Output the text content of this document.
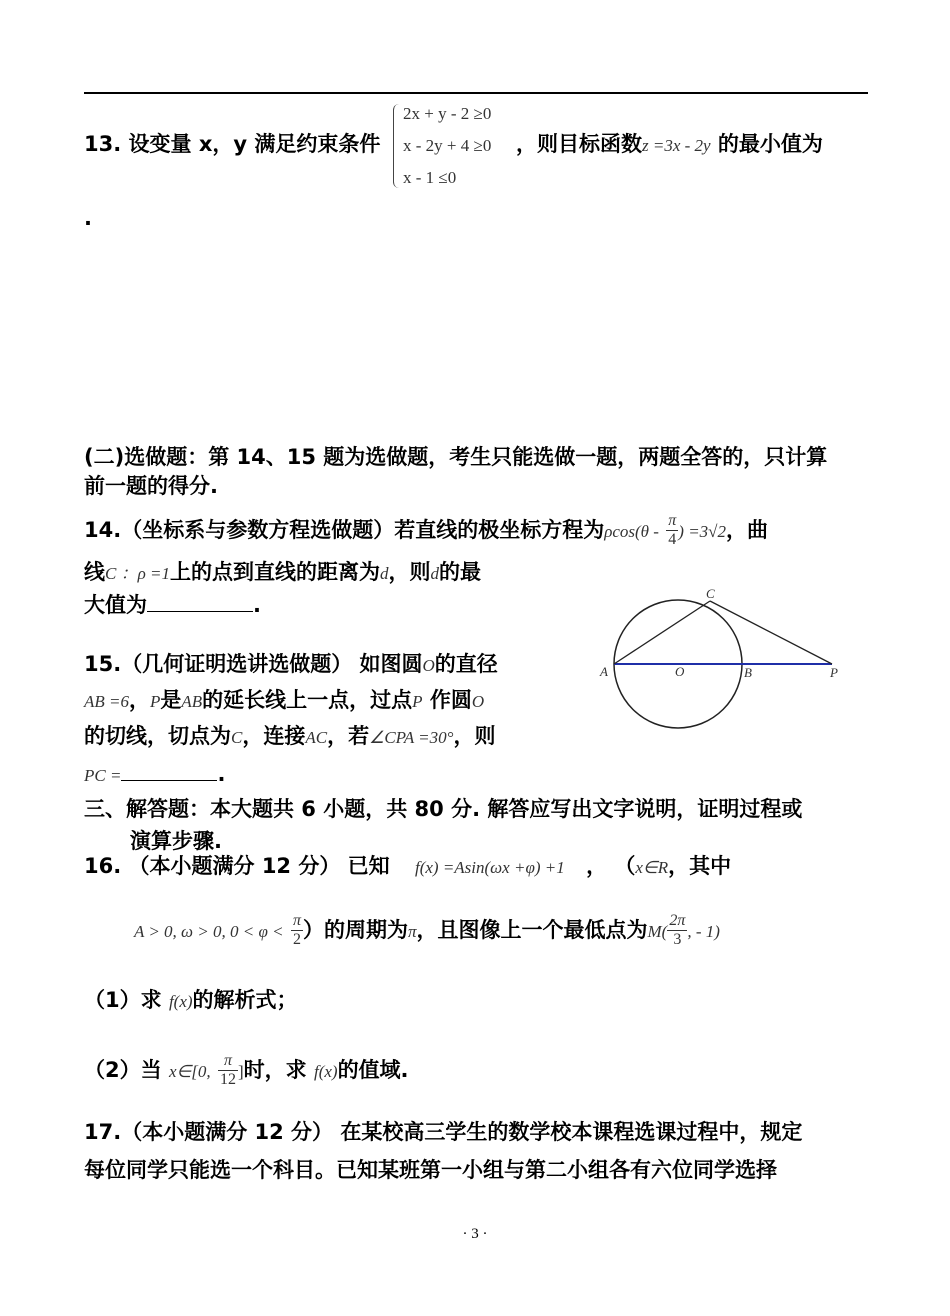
13. 设变量 x，y 满足约束条件
2x + y - 2 ≥0
x - 2y + 4 ≥0
x - 1 ≤0
，则目标函数z =3x - 2y 的最小值为
.
(二)选做题：第 14、15 题为选做题，考生只能选做一题，两题全答的，只计算
前一题的得分.
14.（坐标系与参数方程选做题）若直线的极坐标方程为$\rho\cos(\theta - \frac{\pi}{4}$ ) =3√2，曲
线C ：ρ =1上的点到直线的距离为d，则d的最
大值为	.
15.（几何证明选讲选做题） 如图圆O的直径
AB =6，P是AB的延长线上一点，过点P 作圆O
的切线，切点为C，连接AC，若∠CPA =30°，则
PC =	.
C
A	O	B	P
三、解答题：本大题共 6 小题，共 80 分. 解答应写出文字说明，证明过程或
演算步骤.
16. （本小题满分 12 分） 已知 f(x) =Asin(ωx +φ) +1 ， （x∈R，其中
A > 0, ω > 0, $0 < \varphi < \frac{\pi}{2}$ ）的周期为π，且图像上一个最低点为$M( \frac{2\pi}{3}$ , - 1)
（1）求 f(x)的解析式；
（2）当 x∈[0, $\frac{\pi}{12}$ ]时，求 f(x)的值域.
17.（本小题满分 12 分） 在某校高三学生的数学校本课程选课过程中，规定
每位同学只能选一个科目。已知某班第一小组与第二小组各有六位同学选择
· 3 ·
